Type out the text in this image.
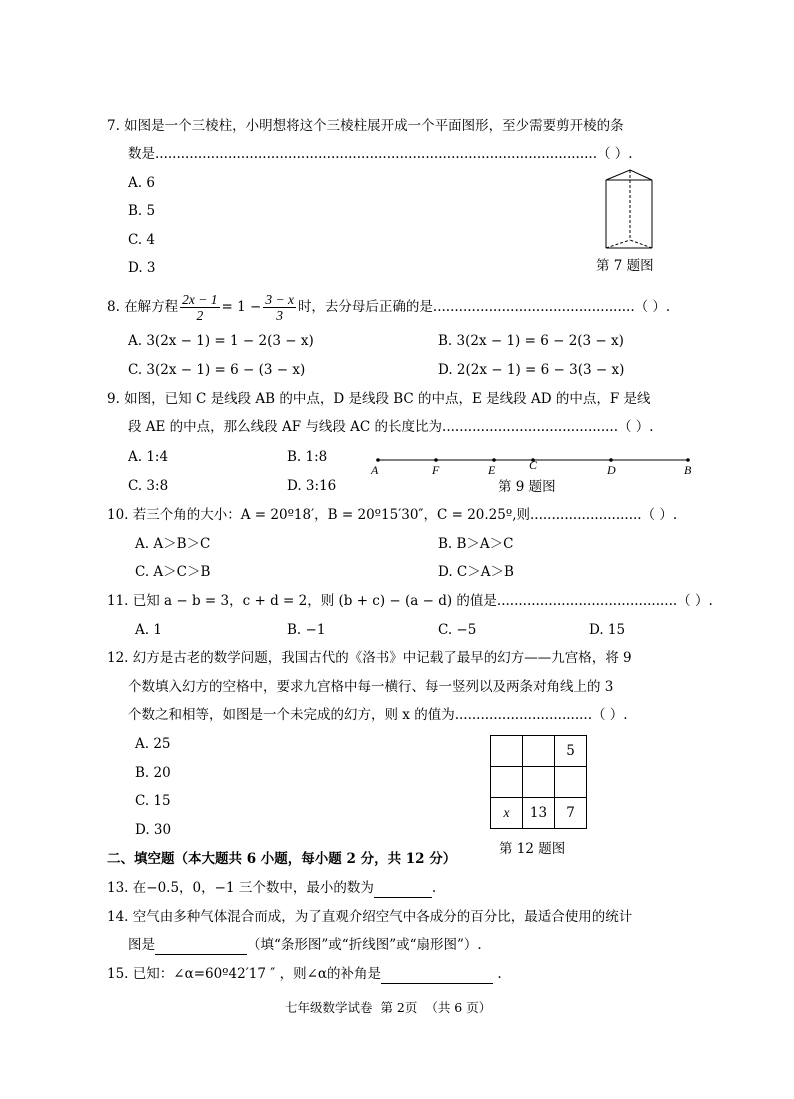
7. 如图是一个三棱柱，小明想将这个三棱柱展开成一个平面图形，至少需要剪开棱的条
数是.......................................................................................................（ ）.
A. 6
B. 5
C. 4
D. 3	第 7 题图
8. 在解方程 $\frac{2x - 1}{2} = 1 - \frac{3 - x}{3}$ 时，去分母后正确的是...............................................（ ）.
A. 3(2x − 1) = 1 − 2(3 − x)	B. 3(2x − 1) = 6 − 2(3 − x)
C. 3(2x − 1) = 6 − (3 − x)	D. 2(2x − 1) = 6 − 3(3 − x)
9. 如图，已知 C 是线段 AB 的中点，D 是线段 BC 的中点，E 是线段 AD 的中点，F 是线
段 AE 的中点，那么线段 AF 与线段 AC 的长度比为.........................................（ ）.
A. 1:4	B. 1:8
C. 3:8	D. 3:16
A	F	E	C	D	B
第 9 题图
10. 若三个角的大小：A = 20º18′，B = 20º15′30″，C = 20.25º,则..........................（ ）.
A. A＞B＞C	B. B＞A＞C
C. A＞C＞B	D. C＞A＞B
11. 已知 a − b = 3，c + d = 2，则 (b + c) − (a − d) 的值是..........................................（ ）.
A. 1	B. −1	C. −5	D. 15
12. 幻方是古老的数学问题，我国古代的《洛书》中记载了最早的幻方——九宫格，将 9
个数填入幻方的空格中，要求九宫格中每一横行、每一竖列以及两条对角线上的 3
个数之和相等，如图是一个未完成的幻方，则 x 的值为................................（ ）.
A. 25
B. 20
C. 15
D. 30
		5

x	13	7
第 12 题图
二、填空题（本大题共 6 小题，每小题 2 分，共 12 分）
13. 在−0.5，0，−1 三个数中，最小的数为	.
14. 空气由多种气体混合而成，为了直观介绍空气中各成分的百分比，最适合使用的统计
图是	（填“条形图”或“折线图”或“扇形图”）.
15. 已知：∠α=60º42′17 ″ ，则∠α的补角是	.
七年级数学试卷  第 2页  （共 6 页）
